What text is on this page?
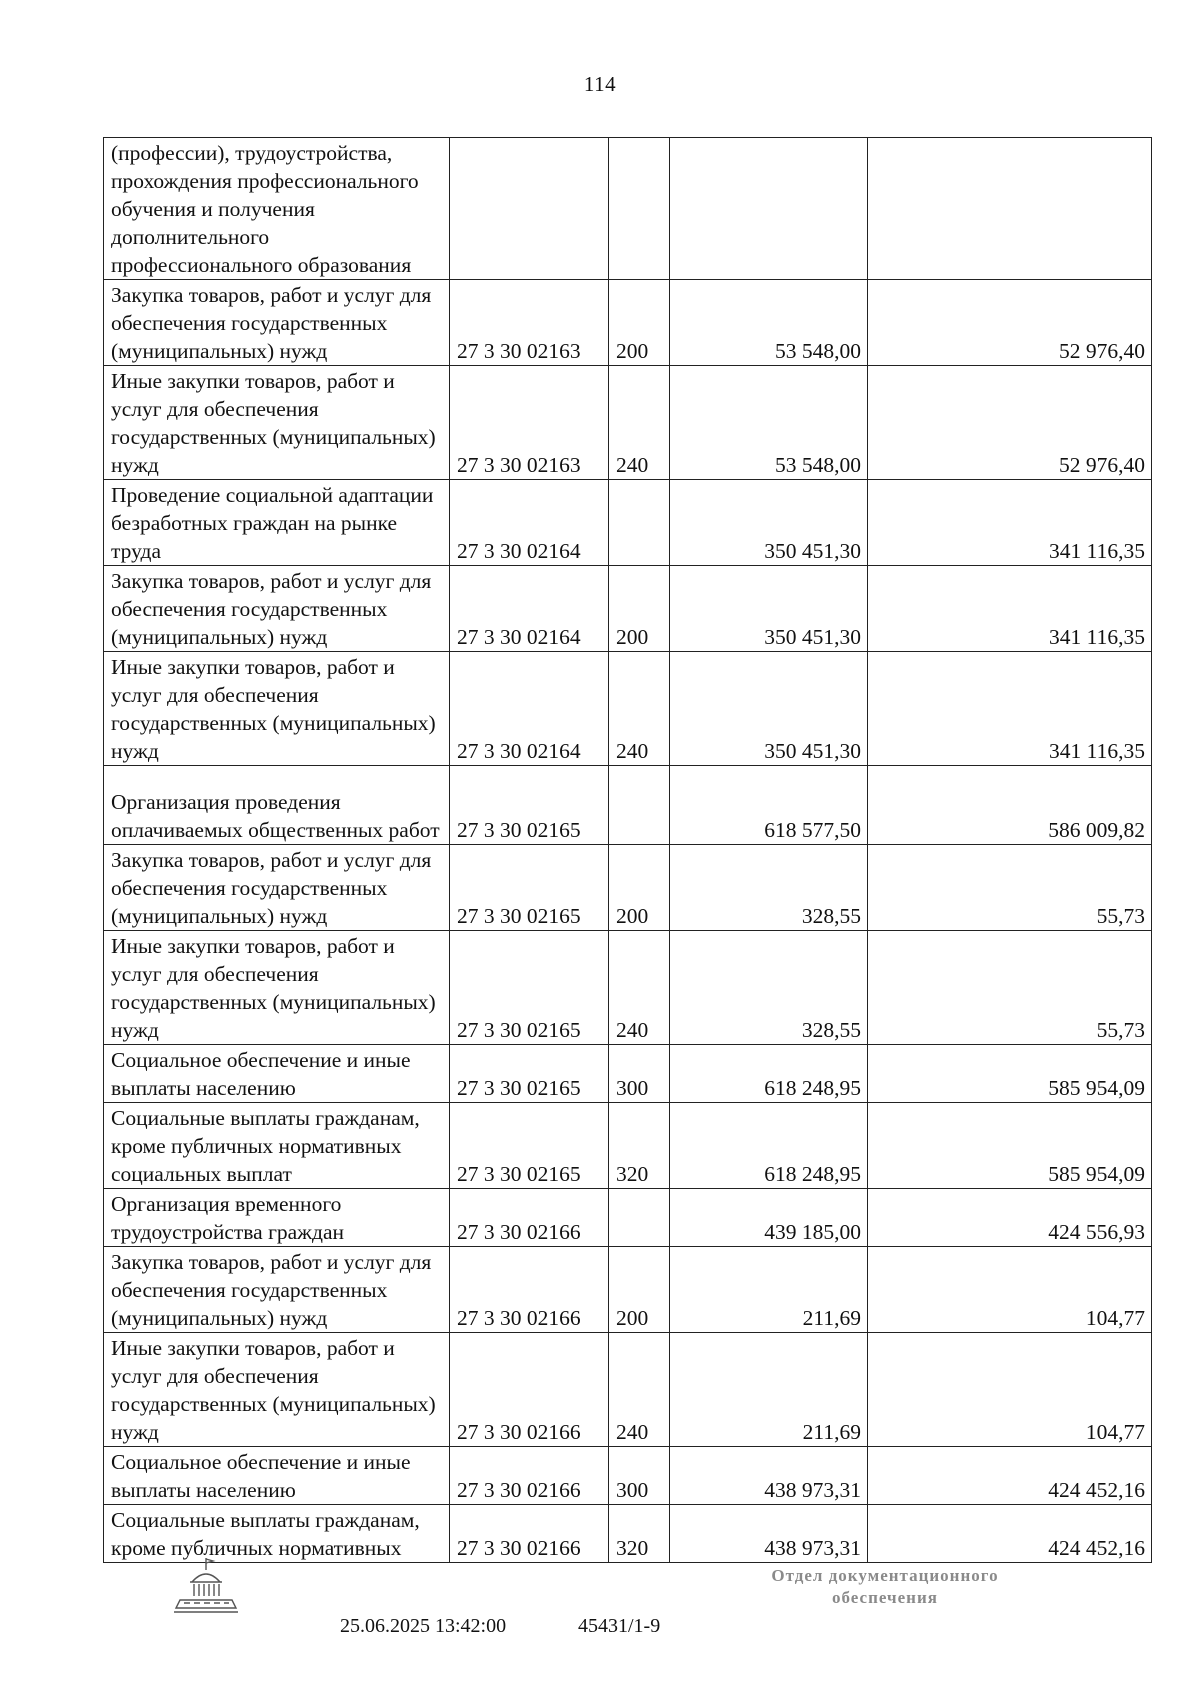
114
(профессии), трудоустройства, прохождения профессионального обучения и получения дополнительного профессионального образования				
Закупка товаров, работ и услуг для обеспечения государственных (муниципальных) нужд	27 3 30 02163	200	53 548,00	52 976,40
Иные закупки товаров, работ и услуг для обеспечения государственных (муниципальных) нужд	27 3 30 02163	240	53 548,00	52 976,40
Проведение социальной адаптации безработных граждан на рынке труда	27 3 30 02164		350 451,30	341 116,35
Закупка товаров, работ и услуг для обеспечения государственных (муниципальных) нужд	27 3 30 02164	200	350 451,30	341 116,35
Иные закупки товаров, работ и услуг для обеспечения государственных (муниципальных) нужд	27 3 30 02164	240	350 451,30	341 116,35
Организация проведения оплачиваемых общественных работ	27 3 30 02165		618 577,50	586 009,82
Закупка товаров, работ и услуг для обеспечения государственных (муниципальных) нужд	27 3 30 02165	200	328,55	55,73
Иные закупки товаров, работ и услуг для обеспечения государственных (муниципальных) нужд	27 3 30 02165	240	328,55	55,73
Социальное обеспечение и иные выплаты населению	27 3 30 02165	300	618 248,95	585 954,09
Социальные выплаты гражданам, кроме публичных нормативных социальных выплат	27 3 30 02165	320	618 248,95	585 954,09
Организация временного трудоустройства граждан	27 3 30 02166		439 185,00	424 556,93
Закупка товаров, работ и услуг для обеспечения государственных (муниципальных) нужд	27 3 30 02166	200	211,69	104,77
Иные закупки товаров, работ и услуг для обеспечения государственных (муниципальных) нужд	27 3 30 02166	240	211,69	104,77
Социальное обеспечение и иные выплаты населению	27 3 30 02166	300	438 973,31	424 452,16
Социальные выплаты гражданам, кроме публичных нормативных	27 3 30 02166	320	438 973,31	424 452,16
25.06.2025 13:42:00	45431/1-9
Отдел документационного
обеспечения
